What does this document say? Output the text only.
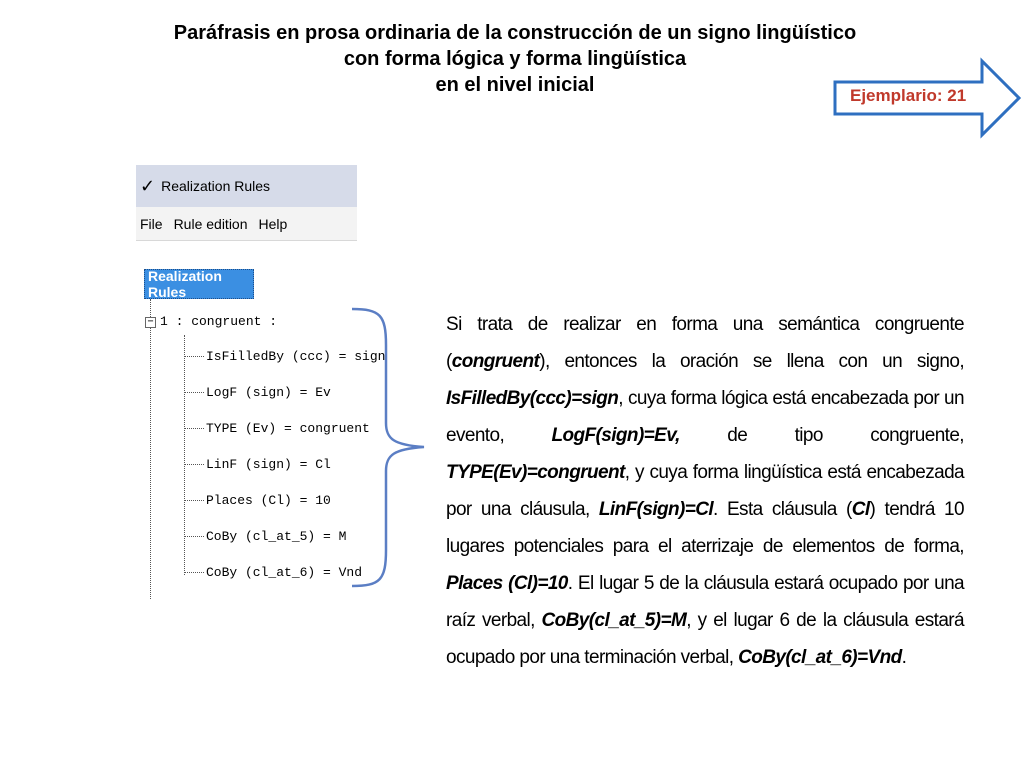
Paráfrasis en prosa ordinaria de la construcción de un signo lingüístico
con forma lógica y forma lingüística
en el nivel inicial	Ejemplario: 21
✓ Realization Rules
File Rule edition Help
Realization Rules
− 1 : congruent :
IsFilledBy (ccc) = sign
LogF (sign) = Ev
TYPE (Ev) = congruent
LinF (sign) = Cl
Places (Cl) = 10
CoBy (cl_at_5) = M
CoBy (cl_at_6) = Vnd
Si trata de realizar en forma una semántica congruente (congruent), entonces la oración se llena con un signo, IsFilledBy(ccc)=sign, cuya forma lógica está encabezada por un evento, LogF(sign)=Ev, de tipo congruente, TYPE(Ev)=congruent, y cuya forma lingüística está encabezada por una cláusula, LinF(sign)=Cl. Esta cláusula (Cl) tendrá 10 lugares potenciales para el aterrizaje de elementos de forma, Places (Cl)=10. El lugar 5 de la cláusula estará ocupado por una raíz verbal, CoBy(cl_at_5)=M, y el lugar 6 de la cláusula estará ocupado por una terminación verbal, CoBy(cl_at_6)=Vnd.
